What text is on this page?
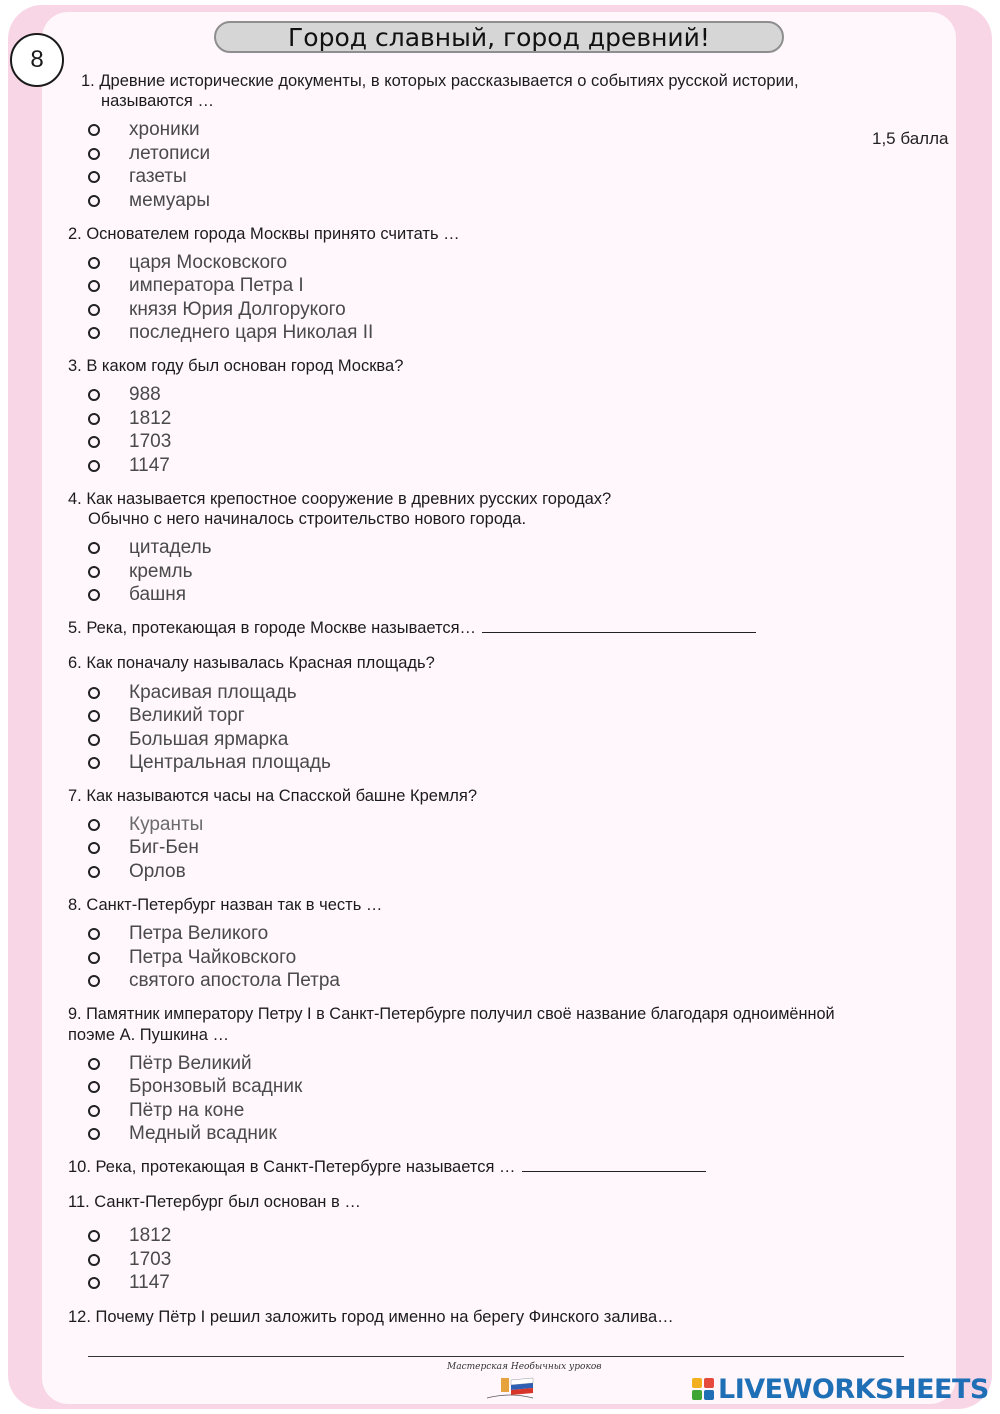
8
Город славный, город древний!
1,5 балла
1. Древние исторические документы, в которых рассказывается о событиях русской истории,
называются …
хроники
летописи
газеты
мемуары
2. Основателем города Москвы принято считать …
царя Московского
императора Петра I
князя Юрия Долгорукого
последнего царя Николая II
3. В каком году был основан город Москва?
988
1812
1703
1147
4. Как называется крепостное сооружение в древних русских городах?
Обычно с него начиналось строительство нового города.
цитадель
кремль
башня
5. Река, протекающая в городе Москве называется…
6. Как поначалу называлась Красная площадь?
Красивая площадь
Великий торг
Большая ярмарка
Центральная площадь
7. Как называются часы на Спасской башне Кремля?
Куранты
Биг-Бен
Орлов
8. Санкт-Петербург назван так в честь …
Петра Великого
Петра Чайковского
святого апостола Петра
9. Памятник императору Петру I в Санкт-Петербурге получил своё название благодаря одноимённой
поэме А. Пушкина …
Пётр Великий
Бронзовый всадник
Пётр на коне
Медный всадник
10. Река, протекающая в Санкт-Петербурге называется …
11. Санкт-Петербург был основан в …
1812
1703
1147
12. Почему Пётр I решил заложить город именно на берегу Финского залива…
Мастерская Необычных уроков
LIVEWORKSHEETS
